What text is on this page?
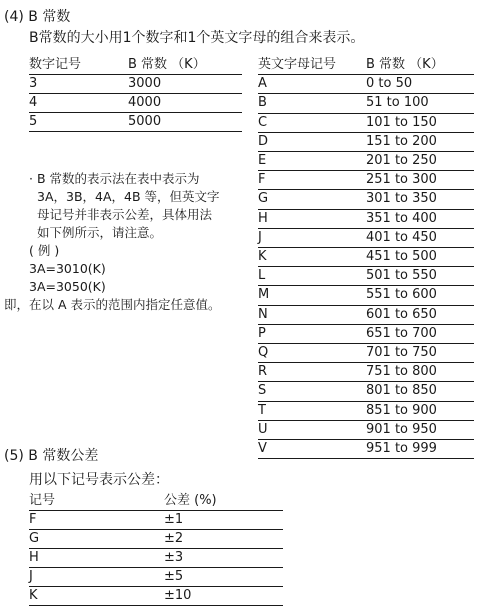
(4) B 常数
B常数的大小用1个数字和1个英文字母的组合来表示。
数字记号	B 常数 （K）
3	3000
4	4000
5	5000
英文字母记号	B 常数 （K）
A	0 to 50
B	51 to 100
C	101 to 150
D	151 to 200
E	201 to 250
F	251 to 300
G	301 to 350
H	351 to 400
J	401 to 450
K	451 to 500
L	501 to 550
M	551 to 600
N	601 to 650
P	651 to 700
Q	701 to 750
R	751 to 800
S	801 to 850
T	851 to 900
U	901 to 950
V	951 to 999
· B 常数的表示法在表中表示为
3A，3B，4A，4B 等，但英文字
母记号并非表示公差，具体用法
如下例所示，请注意。
( 例 )
3A=3010(K)
3A=3050(K)
即，在以 A 表示的范围内指定任意值。
(5) B 常数公差
用以下记号表示公差：
记号	公差 (%)
F	±1
G	±2
H	±3
J	±5
K	±10
